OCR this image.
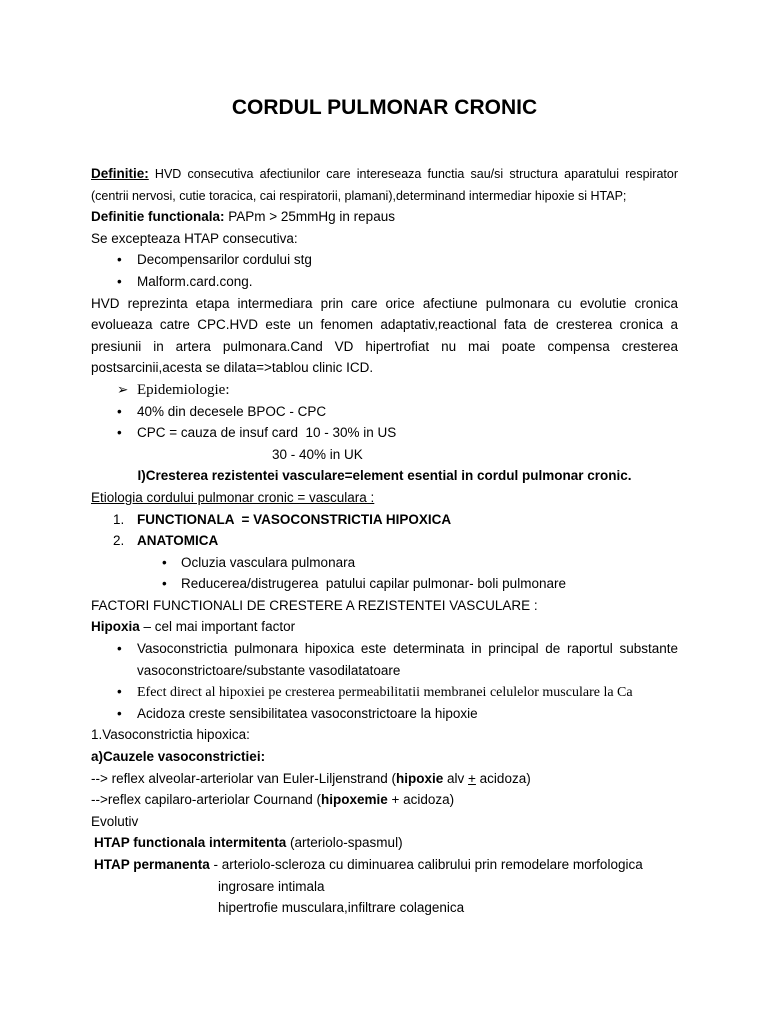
CORDUL PULMONAR CRONIC
Definitie: HVD consecutiva afectiunilor care intereseaza functia sau/si structura aparatului respirator
(centrii nervosi, cutie toracica, cai respiratorii, plamani),determinand intermediar hipoxie si HTAP;
Definitie functionala: PAPm > 25mmHg in repaus
Se excepteaza HTAP consecutiva:
• Decompensarilor cordului stg
• Malform.card.cong.
HVD reprezinta etapa intermediara prin care orice afectiune pulmonara cu evolutie cronica
evolueaza catre CPC.HVD este un fenomen adaptativ,reactional fata de cresterea cronica a
presiunii in artera pulmonara.Cand VD hipertrofiat nu mai poate compensa cresterea
postsarcinii,acesta se dilata=>tablou clinic ICD.
➢ Epidemiologie:
• 40% din decesele BPOC - CPC
• CPC = cauza de insuf card  10 - 30% in US
30 - 40% in UK
I)Cresterea rezistentei vasculare=element esential in cordul pulmonar cronic.
Etiologia cordului pulmonar cronic = vasculara :
1. FUNCTIONALA  = VASOCONSTRICTIA HIPOXICA
2. ANATOMICA
• Ocluzia vasculara pulmonara
• Reducerea/distrugerea  patului capilar pulmonar- boli pulmonare
FACTORI FUNCTIONALI DE CRESTERE A REZISTENTEI VASCULARE :
Hipoxia – cel mai important factor
• Vasoconstrictia pulmonara hipoxica este determinata in principal de raportul substante
vasoconstrictoare/substante vasodilatatoare
• Efect direct al hipoxiei pe cresterea permeabilitatii membranei celulelor musculare la Ca
• Acidoza creste sensibilitatea vasoconstrictoare la hipoxie
1.Vasoconstrictia hipoxica:
a)Cauzele vasoconstrictiei:
--> reflex alveolar-arteriolar van Euler-Liljenstrand (hipoxie alv + acidoza)
-->reflex capilaro-arteriolar Cournand (hipoxemie + acidoza)
Evolutiv
HTAP functionala intermitenta (arteriolo-spasmul)
HTAP permanenta - arteriolo-scleroza cu diminuarea calibrului prin remodelare morfologica
ingrosare intimala
hipertrofie musculara,infiltrare colagenica
